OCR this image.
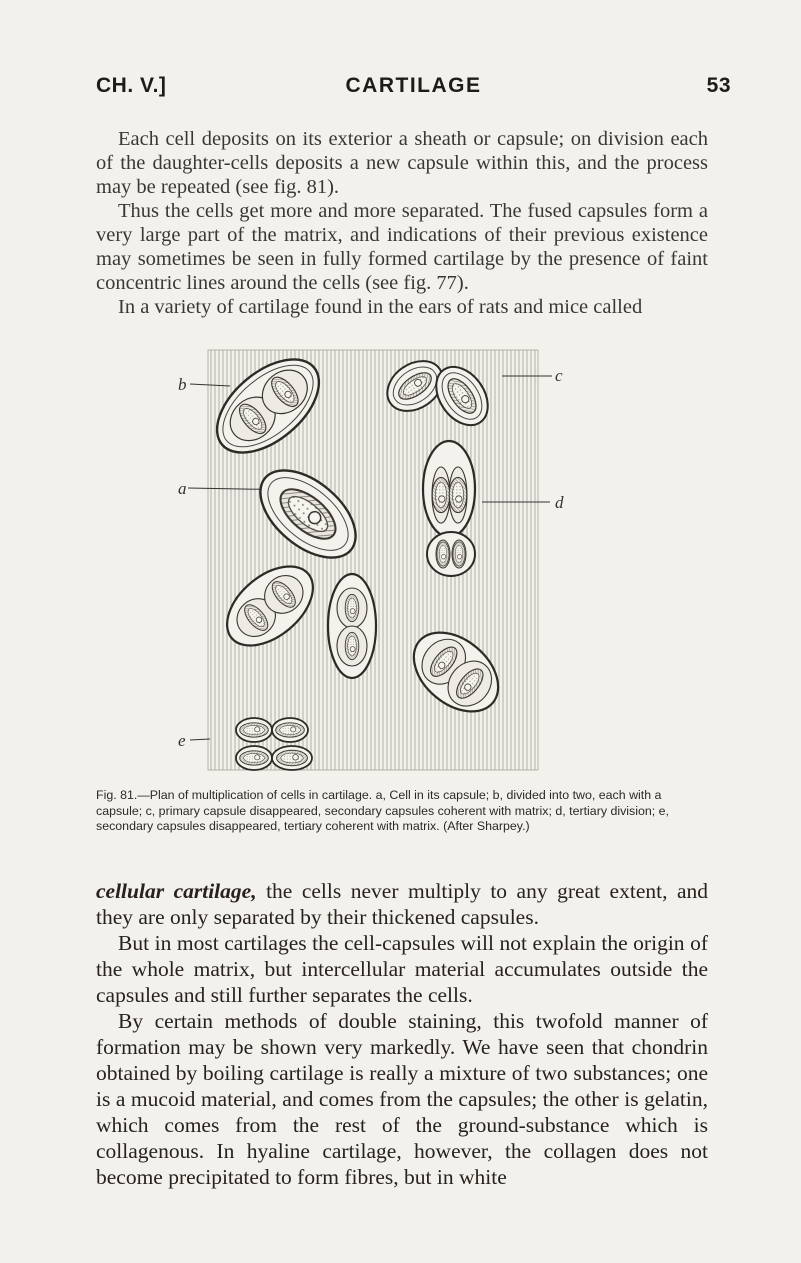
CH. V.]	CARTILAGE	53

Each cell deposits on its exterior a sheath or capsule; on division each of the daughter-cells deposits a new capsule within this, and the process may be repeated (see fig. 81).

Thus the cells get more and more separated. The fused capsules form a very large part of the matrix, and indications of their previous existence may sometimes be seen in fully formed cartilage by the presence of faint concentric lines around the cells (see fig. 77).

In a variety of cartilage found in the ears of rats and mice called

b
a
e
c
d

Fig. 81.—Plan of multiplication of cells in cartilage. a, Cell in its capsule; b, divided into two, each with a capsule; c, primary capsule disappeared, secondary capsules coherent with matrix; d, tertiary division; e, secondary capsules disappeared, tertiary coherent with matrix. (After Sharpey.)

cellular cartilage, the cells never multiply to any great extent, and they are only separated by their thickened capsules.

But in most cartilages the cell-capsules will not explain the origin of the whole matrix, but intercellular material accumulates outside the capsules and still further separates the cells.

By certain methods of double staining, this twofold manner of formation may be shown very markedly. We have seen that chondrin obtained by boiling cartilage is really a mixture of two substances; one is a mucoid material, and comes from the capsules; the other is gelatin, which comes from the rest of the ground-substance which is collagenous. In hyaline cartilage, however, the collagen does not become precipitated to form fibres, but in white
